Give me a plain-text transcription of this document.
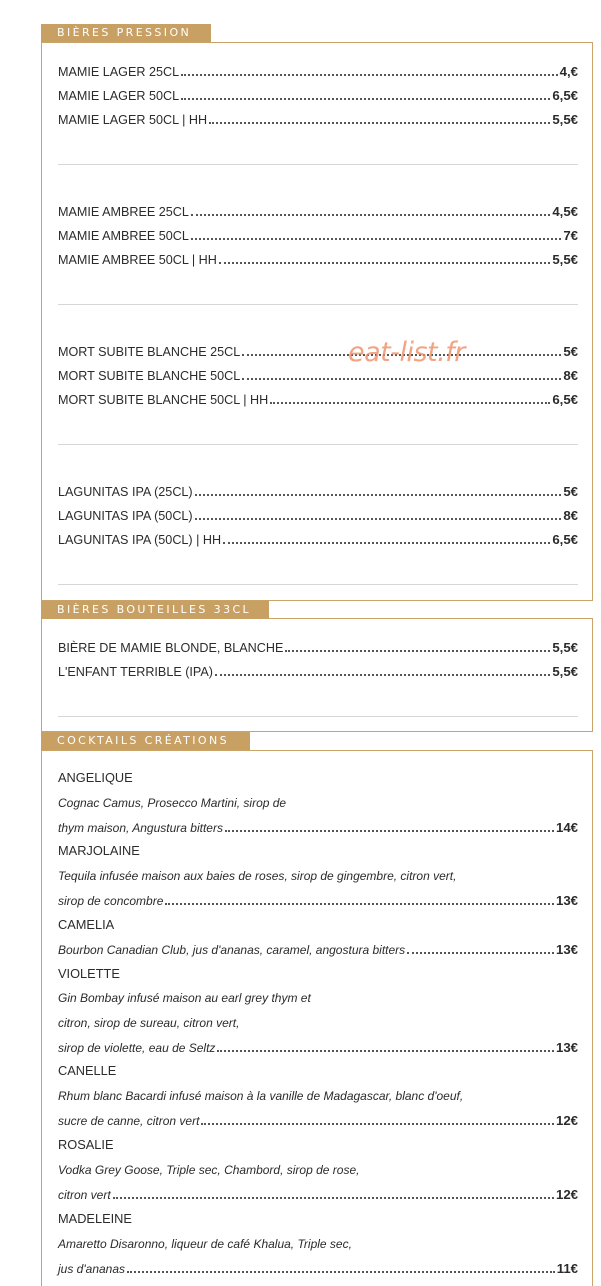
BIÈRES PRESSION
BIÈRES BOUTEILLES 33CL
COCKTAILS CRÉATIONS
MAMIE LAGER 25CL	4,€
MAMIE LAGER 50CL	6,5€
MAMIE LAGER 50CL | HH	5,5€
MAMIE AMBREE 25CL	4,5€
MAMIE AMBREE 50CL	7€
MAMIE AMBREE 50CL | HH	5,5€
MORT SUBITE BLANCHE 25CL	5€
MORT SUBITE BLANCHE 50CL	8€
MORT SUBITE BLANCHE 50CL | HH	6,5€
LAGUNITAS IPA (25CL)	5€
LAGUNITAS IPA (50CL)	8€
LAGUNITAS IPA (50CL) | HH	6,5€
BIÈRE DE MAMIE BLONDE, BLANCHE	5,5€
L'ENFANT TERRIBLE (IPA)	5,5€
ANGELIQUE
Cognac Camus, Prosecco Martini, sirop de
thym maison, Angustura bitters	14€
MARJOLAINE
Tequila infusée maison aux baies de roses, sirop de gingembre, citron vert,
sirop de concombre	13€
CAMELIA
Bourbon Canadian Club, jus d'ananas, caramel, angostura bitters	13€
VIOLETTE
Gin Bombay infusé maison au earl grey thym et
citron, sirop de sureau, citron vert,
sirop de violette, eau de Seltz	13€
CANELLE
Rhum blanc Bacardi infusé maison à la vanille de Madagascar, blanc d'oeuf,
sucre de canne, citron vert	12€
ROSALIE
Vodka Grey Goose, Triple sec, Chambord, sirop de rose,
citron vert	12€
MADELEINE
Amaretto Disaronno, liqueur de café Khalua, Triple sec,
jus d'ananas	11€
eat-list.fr
